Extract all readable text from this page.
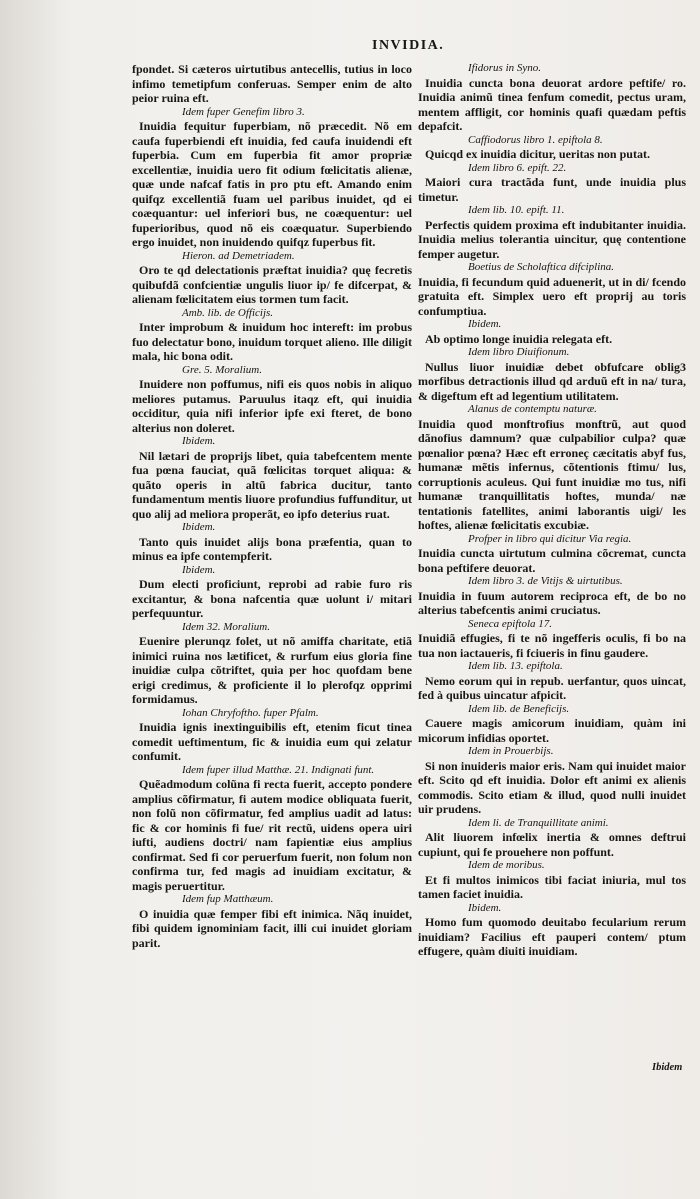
INVIDIA.

fpondet. Si cæteros uirtutibus antecellis, tutius in loco infimo temetipfum conferuas. Semper enim de alto peior ruina eft.

Idem fuper Genefim libro 3.

Inuidia fequitur fuperbiam, nõ præcedit. Nõ em caufa fuperbiendi eft inuidia, fed caufa inuidendi eft fuperbia. Cum em fuperbia fit amor propriæ excellentiæ, inuidia uero fit odium fœlicitatis alienæ, quæ unde nafcaf fatis in pro ptu eft. Amando enim quifqz excellentiã fuam uel paribus inuidet, qd ei coæquantur: uel inferiori bus, ne coæquentur: uel fuperioribus, quod nõ eis coæquatur. Superbiendo ergo inuidet, non inuidendo quifqz fuperbus fit.

Hieron. ad Demetriadem.

Oro te qd delectationis præftat inuidia? quę fecretis quibufdã confcientiæ ungulis liuor ip/ fe difcerpat, & alienam fœlicitatem eius tormen tum facit.

Amb. lib. de Officijs.

Inter improbum & inuidum hoc intereft: im probus fuo delectatur bono, inuidum torquet alieno. Ille diligit mala, hic bona odit.

Gre. 5. Moralium.

Inuidere non poffumus, nifi eis quos nobis in aliquo meliores putamus. Paruulus itaqz eft, qui inuidia occiditur, quia nifi inferior ipfe exi fteret, de bono alterius non doleret.

Ibidem.

Nil lætari de proprijs libet, quia tabefcentem mente fua pœna fauciat, quã fœlicitas torquet aliqua: & quãto operis in altũ fabrica ducitur, tanto fundamentum mentis liuore profundius fuffunditur, ut quo alij ad meliora properãt, eo ipfo deterius ruat.

Ibidem.

Tanto quis inuidet alijs bona præfentia, quan to minus ea ipfe contempferit.

Ibidem.

Dum electi proficiunt, reprobi ad rabie furo ris excitantur, & bona nafcentia quæ uolunt i/ mitari perfequuntur.

Idem 32. Moralium.

Euenire plerunqz folet, ut nõ amiffa charitate, etiã inimici ruina nos lætificet, & rurfum eius gloria fine inuidiæ culpa cõtriftet, quia per hoc quofdam bene erigi credimus, & proficiente il lo plerofqz opprimi formidamus.

Iohan Chryfoftho. fuper Pfalm.

Inuidia ignis inextinguibilis eft, etenim ficut tinea comedit ueftimentum, fic & inuidia eum qui zelatur confumit.

Idem fuper illud Matthæ. 21. Indignati funt.

Quẽadmodum colũna fi recta fuerit, accepto pondere amplius cõfirmatur, fi autem modice obliquata fuerit, non folũ non cõfirmatur, fed amplius uadit ad latus: fic & cor hominis fi fue/ rit rectũ, uidens opera uiri iufti, audiens doctri/ nam fapientiæ eius amplius confirmat. Sed fi cor peruerfum fuerit, non folum non confirma tur, fed magis ad inuidiam excitatur, & magis peruertitur.

Idem fup Matthæum.

O inuidia quæ femper fibi eft inimica. Nãq inuidet, fibi quidem ignominiam facit, illi cui inuidet gloriam parit.

Ifidorus in Syno.

Inuidia cuncta bona deuorat ardore peftife/ ro. Inuidia animũ tinea fenfum comedit, pectus uram, mentem affligit, cor hominis quafi quædam peftis depafcit.

Caffiodorus libro 1. epiftola 8.

Quicqd ex inuidia dicitur, ueritas non putat.

Idem libro 6. epift. 22.

Maiori cura tractãda funt, unde inuidia plus timetur.

Idem lib. 10. epift. 11.

Perfectis quidem proxima eft indubitanter inuidia. Inuidia melius tolerantia uincitur, quę contentione femper augetur.

Boetius de Scholaftica difciplina.

Inuidia, fi fecundum quid aduenerit, ut in di/ fcendo gratuita eft. Simplex uero eft proprij au toris confumptiua.

Ibidem.

Ab optimo longe inuidia relegata eft.

Idem libro Diuifionum.

Nullus liuor inuidiæ debet obfufcare oblig3 morfibus detractionis illud qd arduũ eft in na/ tura, & digeftum eft ad legentium utilitatem.

Alanus de contemptu naturæ.

Inuidia quod monftrofius monftrũ, aut quod dãnofius damnum? quæ culpabilior culpa? quæ pœnalior pœna? Hæc eft erroneç cæcitatis abyf fus, humanæ mẽtis infernus, cõtentionis ftimu/ lus, corruptionis aculeus. Qui funt inuidiæ mo tus, nifi humanæ tranquillitatis hoftes, munda/ næ tentationis fatellites, animi laborantis uigi/ les hoftes, alienæ fœlicitatis excubiæ.

Profper in libro qui dicitur Via regia.

Inuidia cuncta uirtutum culmina cõcremat, cuncta bona peftifere deuorat.

Idem libro 3. de Vitijs & uirtutibus.

Inuidia in fuum autorem reciproca eft, de bo no alterius tabefcentis animi cruciatus.

Seneca epiftola 17.

Inuidiã effugies, fi te nõ ingefferis oculis, fi bo na tua non iactaueris, fi fciueris in finu gaudere.

Idem lib. 13. epiftola.

Nemo eorum qui in repub. uerfantur, quos uincat, fed à quibus uincatur afpicit.

Idem lib. de Beneficijs.

Cauere magis amicorum inuidiam, quàm ini micorum infidias oportet.

Idem in Prouerbijs.

Si non inuideris maior eris. Nam qui inuidet maior eft. Scito qd eft inuidia. Dolor eft animi ex alienis commodis. Scito etiam & illud, quod nulli inuidet uir prudens.

Idem li. de Tranquillitate animi.

Alit liuorem infœlix inertia & omnes deftrui cupiunt, qui fe prouehere non poffunt.

Idem de moribus.

Et fi multos inimicos tibi faciat iniuria, mul tos tamen faciet inuidia.

Ibidem.

Homo fum quomodo deuitabo fecularium rerum inuidiam? Facilius eft pauperi contem/ ptum effugere, quàm diuiti inuidiam.

Ibidem
